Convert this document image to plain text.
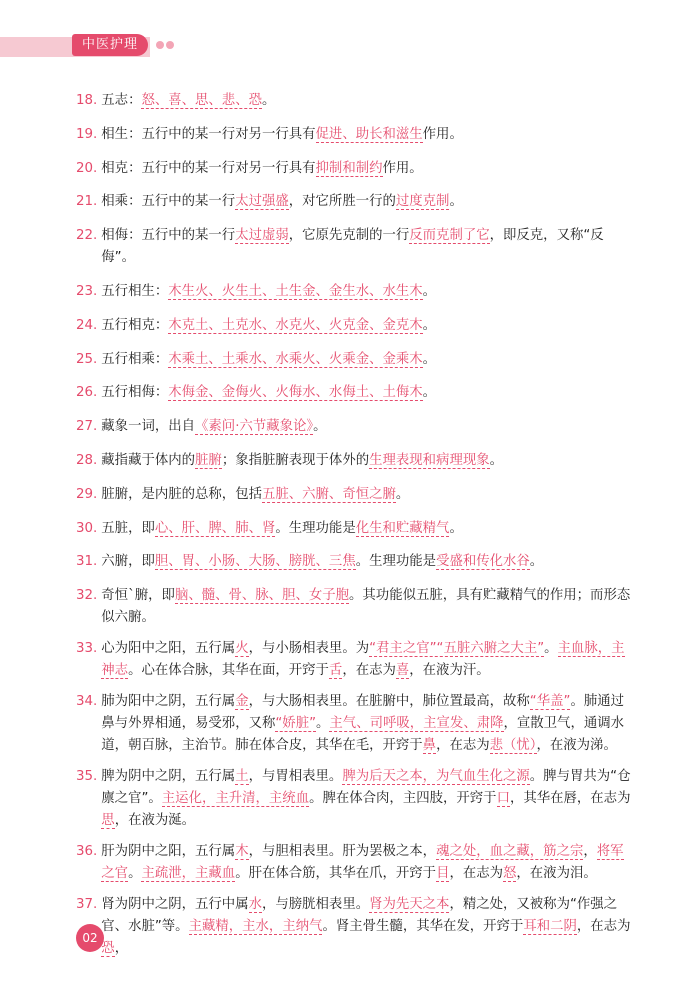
中医护理
18. 五志：怒、喜、思、悲、恐。
19. 相生：五行中的某一行对另一行具有促进、助长和滋生作用。
20. 相克：五行中的某一行对另一行具有抑制和制约作用。
21. 相乘：五行中的某一行太过强盛，对它所胜一行的过度克制。
22. 相侮：五行中的某一行太过虚弱，它原先克制的一行反而克制了它，即反克，又称“反侮”。
23. 五行相生：木生火、火生土、土生金、金生水、水生木。
24. 五行相克：木克土、土克水、水克火、火克金、金克木。
25. 五行相乘：木乘土、土乘水、水乘火、火乘金、金乘木。
26. 五行相侮：木侮金、金侮火、火侮水、水侮土、土侮木。
27. 藏象一词，出自《素问·六节藏象论》。
28. 藏指藏于体内的脏腑；象指脏腑表现于体外的生理表现和病理现象。
29. 脏腑，是内脏的总称，包括五脏、六腑、奇恒之腑。
30. 五脏，即心、肝、脾、肺、肾。生理功能是化生和贮藏精气。
31. 六腑，即胆、胃、小肠、大肠、膀胱、三焦。生理功能是受盛和传化水谷。
32. 奇恒`腑，即脑、髓、骨、脉、胆、女子胞。其功能似五脏，具有贮藏精气的作用；而形态似六腑。
33. 心为阳中之阳，五行属火，与小肠相表里。为“君主之官”“五脏六腑之大主”。主血脉，主神志。心在体合脉，其华在面，开窍于舌，在志为喜，在液为汗。
34. 肺为阳中之阴，五行属金，与大肠相表里。在脏腑中，肺位置最高，故称“华盖”。肺通过鼻与外界相通，易受邪，又称“娇脏”。主气、司呼吸，主宣发、肃降，宣散卫气，通调水道，朝百脉，主治节。肺在体合皮，其华在毛，开窍于鼻，在志为悲（忧），在液为涕。
35. 脾为阴中之阴，五行属土，与胃相表里。脾为后天之本，为气血生化之源。脾与胃共为“仓廪之官”。主运化，主升清，主统血。脾在体合肉，主四肢，开窍于口，其华在唇，在志为思，在液为涎。
36. 肝为阴中之阳，五行属木，与胆相表里。肝为罢极之本，魂之处，血之藏，筋之宗，将军之官。主疏泄，主藏血。肝在体合筋，其华在爪，开窍于目，在志为怒，在液为泪。
37. 肾为阴中之阴，五行中属水，与膀胱相表里。肾为先天之本，精之处，又被称为“作强之官、水脏”等。主藏精，主水，主纳气。肾主骨生髓，其华在发，开窍于耳和二阴，在志为恐，
02
